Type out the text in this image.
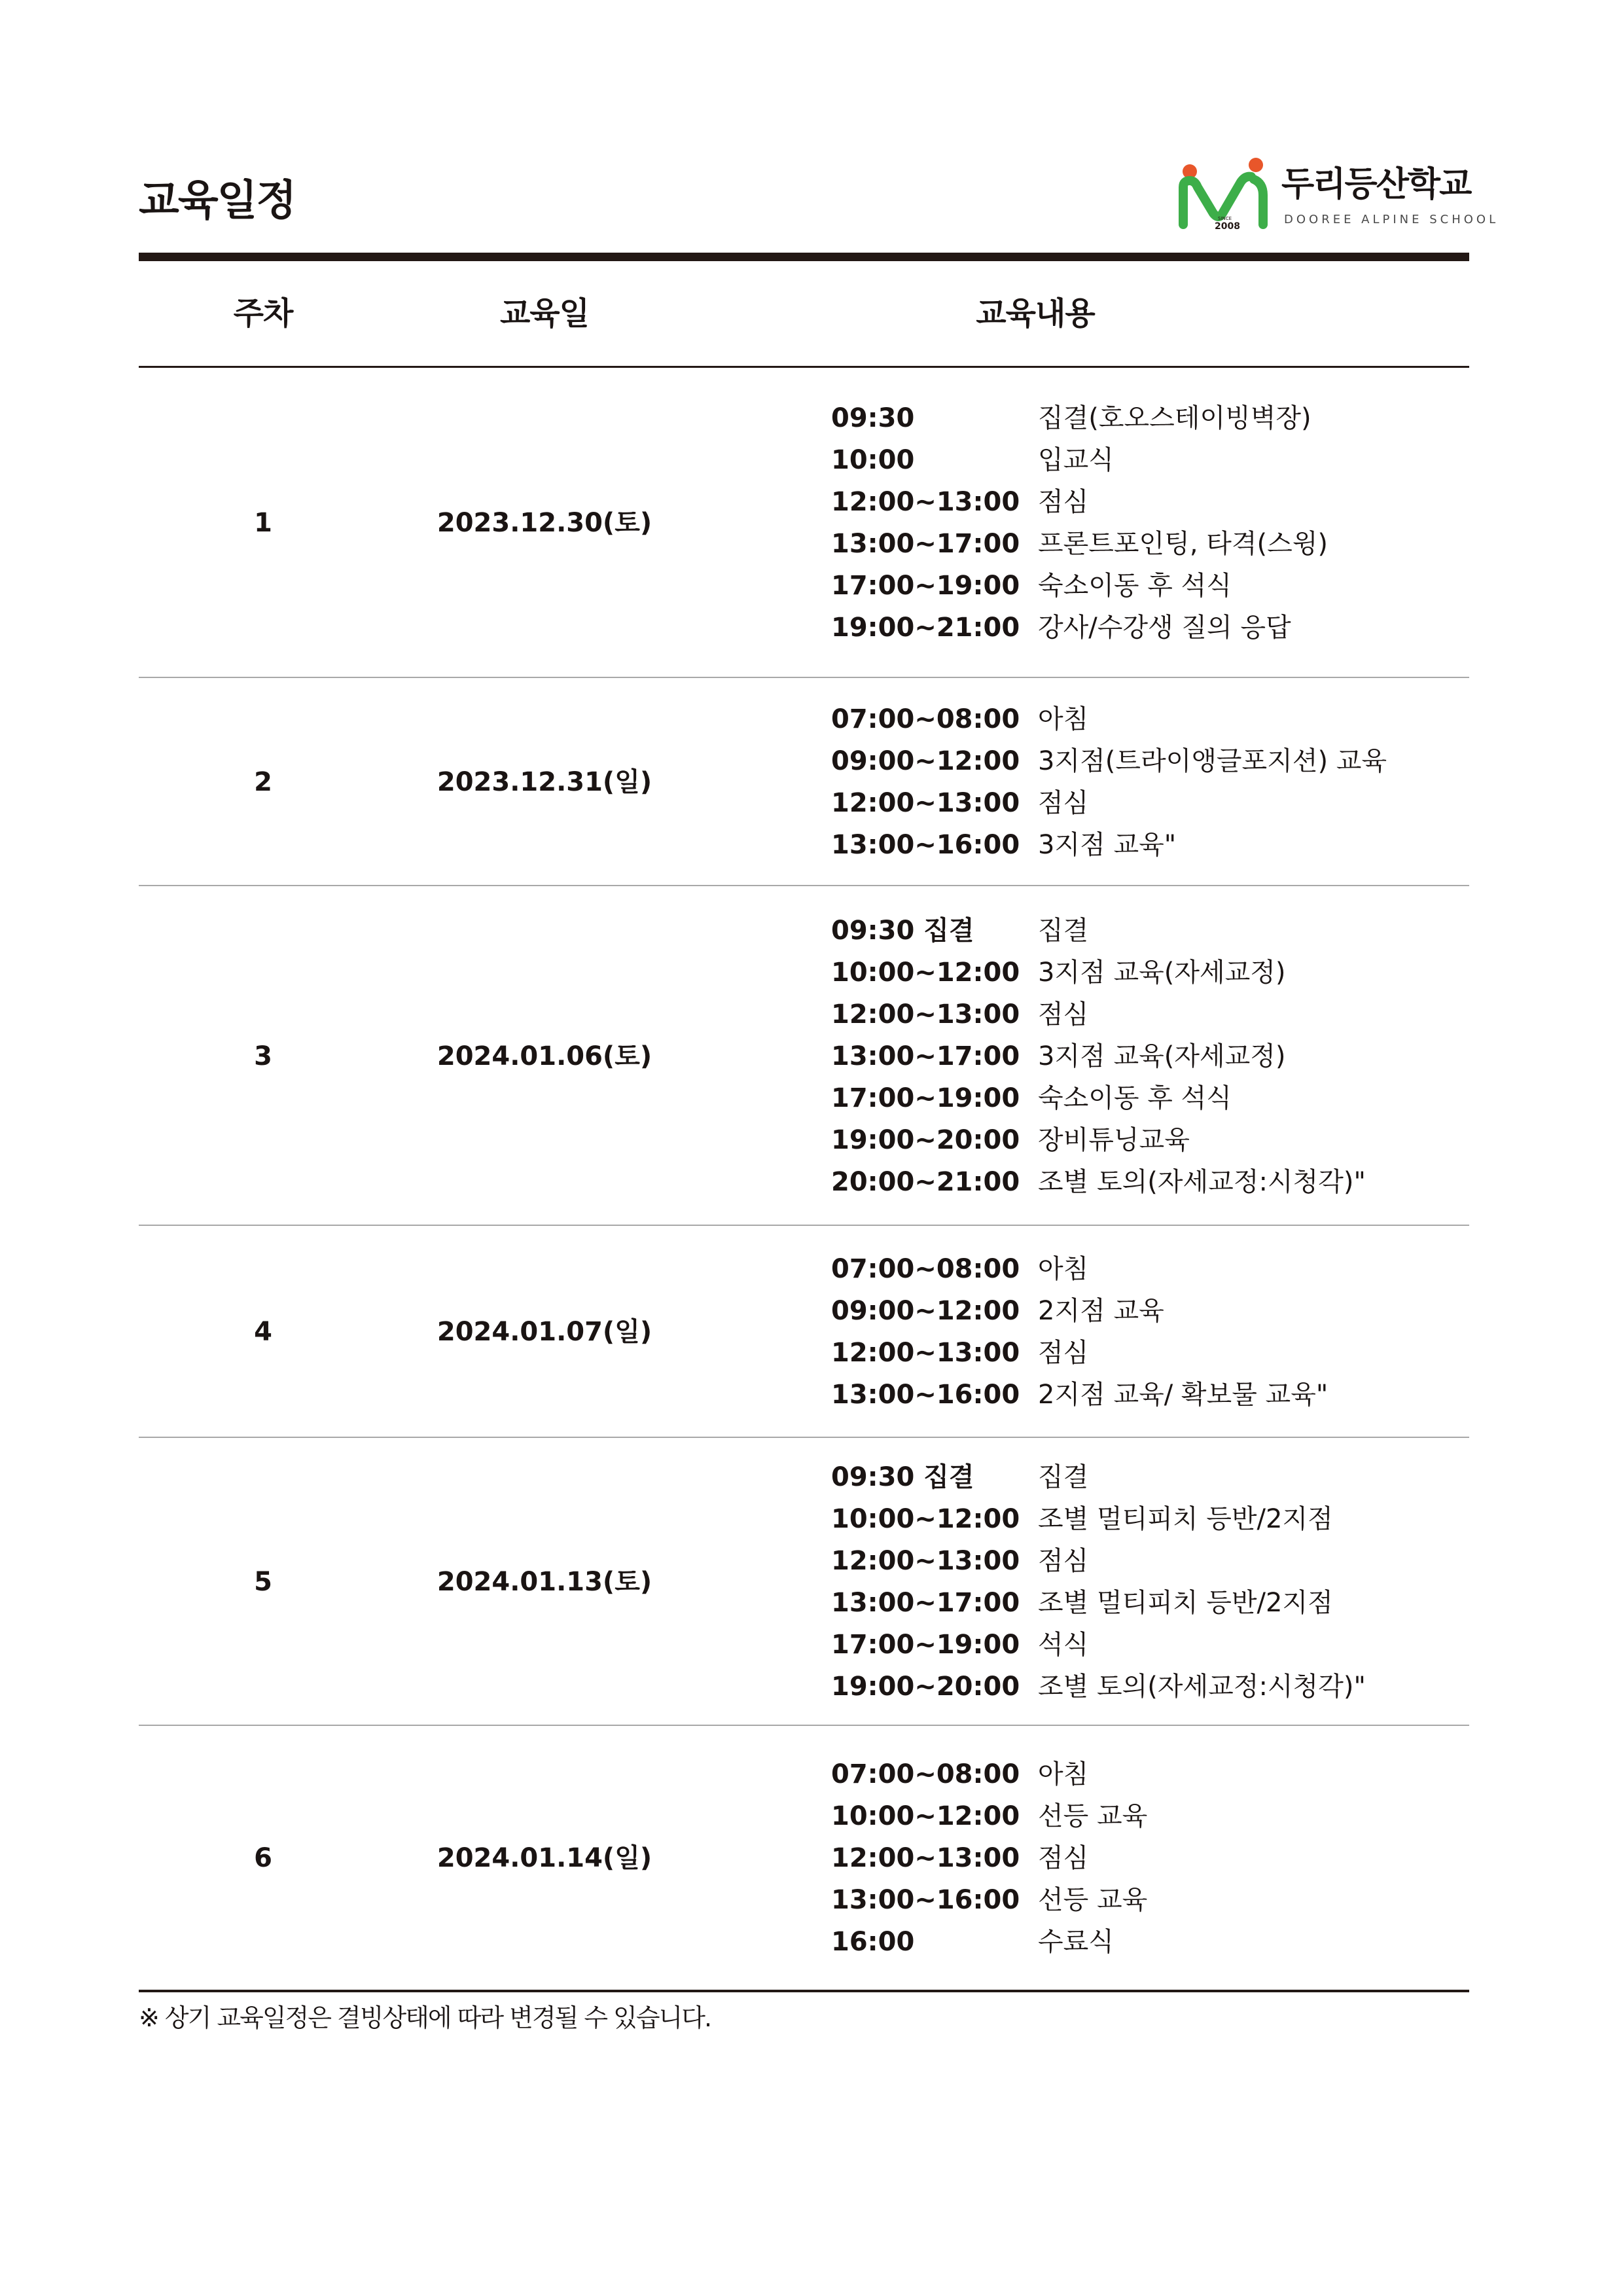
교육일정	SINCE
2008
두리등산학교
DOOREE ALPINE SCHOOL
주차	교육일	교육내용
1	2023.12.30(토)
09:30	집결(호오스테이빙벽장)
10:00	입교식
12:00~13:00 점심
13:00~17:00 프론트포인팅, 타격(스윙)
17:00~19:00 숙소이동 후 석식
19:00~21:00 강사/수강생 질의 응답
2	2023.12.31(일)
07:00~08:00 아침
09:00~12:00 3지점(트라이앵글포지션) 교육
12:00~13:00 점심
13:00~16:00 3지점 교육"
3	2024.01.06(토)
09:30 집결 집결
10:00~12:00 3지점 교육(자세교정)
12:00~13:00 점심
13:00~17:00 3지점 교육(자세교정)
17:00~19:00 숙소이동 후 석식
19:00~20:00 장비튜닝교육
20:00~21:00 조별 토의(자세교정:시청각)"
4	2024.01.07(일)
07:00~08:00 아침
09:00~12:00 2지점 교육
12:00~13:00 점심
13:00~16:00 2지점 교육/ 확보물 교육"
5	2024.01.13(토)
09:30 집결 집결
10:00~12:00 조별 멀티피치 등반/2지점
12:00~13:00 점심
13:00~17:00 조별 멀티피치 등반/2지점
17:00~19:00 석식
19:00~20:00 조별 토의(자세교정:시청각)"
6	2024.01.14(일)
07:00~08:00 아침
10:00~12:00 선등 교육
12:00~13:00 점심
13:00~16:00 선등 교육
16:00	수료식
※ 상기 교육일정은 결빙상태에 따라 변경될 수 있습니다.
